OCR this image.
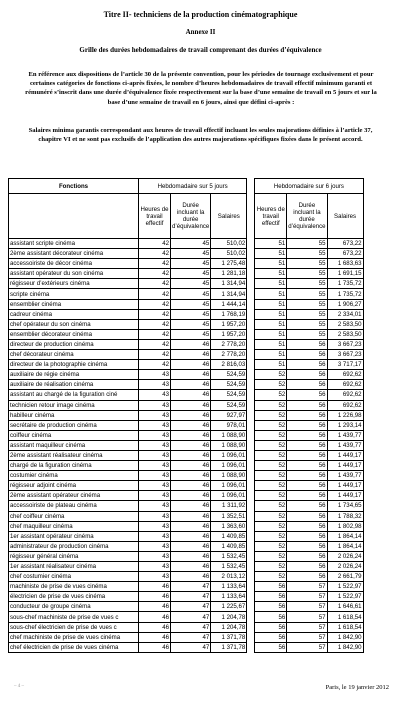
Titre II- techniciens de la production cinématographique
Annexe II
Grille des durées hebdomadaires de travail comprenant des durées d’équivalence
En référence aux dispositions de l’article 30 de la présente convention, pour les périodes de tournage exclusivement et pour certaines catégories de fonctions ci-après fixées, le nombre d’heures hebdomadaires de travail effectif minimum garanti et rémunéré s’inscrit dans une durée d’équivalence fixée respectivement sur la base d’une semaine de travail en 5 jours et sur la base d’une semaine de travail en 6 jours, ainsi que défini ci-après :
Salaires minima garantis correspondant aux heures de travail effectif incluant les seules majorations définies à l’article 37, chapitre VI et ne sont pas exclusifs de l’application des autres majorations spécifiques fixées dans le présent accord.
Fonctions	Hebdomadaire sur 5 jours				Hebdomadaire sur 6 jours		
	Heures de travail effectif	Durée incluant la durée d’équivalence	Salaires		Heures de travail effectif	Durée incluant la durée d’équivalence	Salaires
assistant scripte cinéma	42	45	510,02		51	55	673,22
2ème assistant décorateur cinéma	42	45	510,02		51	55	673,22
accessoiriste de décor cinéma	42	45	1 275,48		51	55	1 683,63
assistant opérateur du son cinéma	42	45	1 281,18		51	55	1 691,15
régisseur d’extérieurs cinéma	42	45	1 314,94		51	55	1 735,72
scripte cinéma	42	45	1 314,94		51	55	1 735,72
ensemblier cinéma	42	45	1 444,14		51	55	1 906,27
cadreur cinéma	42	45	1 768,19		51	55	2 334,01
chef opérateur du son cinéma	42	45	1 957,20		51	55	2 583,50
ensemblier décorateur cinéma	42	45	1 957,20		51	55	2 583,50
directeur de production cinéma	42	46	2 778,20		51	56	3 667,23
chef décorateur cinéma	42	46	2 778,20		51	56	3 667,23
directeur de la photographie cinéma	42	46	2 816,03		51	56	3 717,17
auxiliaire de régie cinéma	43	46	524,59		52	56	692,62
auxiliaire de réalisation cinéma	43	46	524,59		52	56	692,62
assistant au chargé de la figuration ciné	43	46	524,59		52	56	692,62
technicien retour image cinéma	43	46	524,59		52	56	692,62
habilleur cinéma	43	46	927,97		52	56	1 226,98
secrétaire de production cinéma	43	46	978,01		52	56	1 293,14
coiffeur cinéma	43	46	1 088,90		52	56	1 439,77
assistant maquilleur cinéma	43	46	1 088,90		52	56	1 439,77
2ème assistant réalisateur cinéma	43	46	1 096,01		52	56	1 449,17
chargé de la figuration cinéma	43	46	1 096,01		52	56	1 449,17
costumier cinéma	43	46	1 088,90		52	56	1 439,77
régisseur adjoint cinéma	43	46	1 096,01		52	56	1 449,17
2ème assistant opérateur cinéma	43	46	1 096,01		52	56	1 449,17
accessoiriste de plateau cinéma	43	46	1 311,92		52	56	1 734,65
chef coiffeur cinéma	43	46	1 352,51		52	56	1 788,32
chef maquilleur cinéma	43	46	1 363,60		52	56	1 802,98
1er assistant opérateur cinéma	43	46	1 409,85		52	56	1 864,14
administrateur de production cinéma	43	46	1 409,85		52	56	1 864,14
régisseur général cinéma	43	46	1 532,45		52	56	2 026,24
1er assistant réalisateur cinéma	43	46	1 532,45		52	56	2 026,24
chef costumier cinéma	43	46	2 013,12		52	56	2 661,79
machiniste de prise de vues cinéma	46	47	1 133,64		56	57	1 522,97
électricien de prise de vues cinéma	46	47	1 133,64		56	57	1 522,97
conducteur de groupe cinéma	46	47	1 225,67		56	57	1 646,61
sous-chef machiniste de prise de vues c	46	47	1 204,78		56	57	1 618,54
sous-chef électricien de prise de vues c	46	47	1 204,78		56	57	1 618,54
chef machiniste de prise de vues cinéma	46	47	1 371,78		56	57	1 842,90
chef électricien de prise de vues cinéma	46	47	1 371,78		56	57	1 842,90
Paris, le 19 janvier 2012
– 4 –
